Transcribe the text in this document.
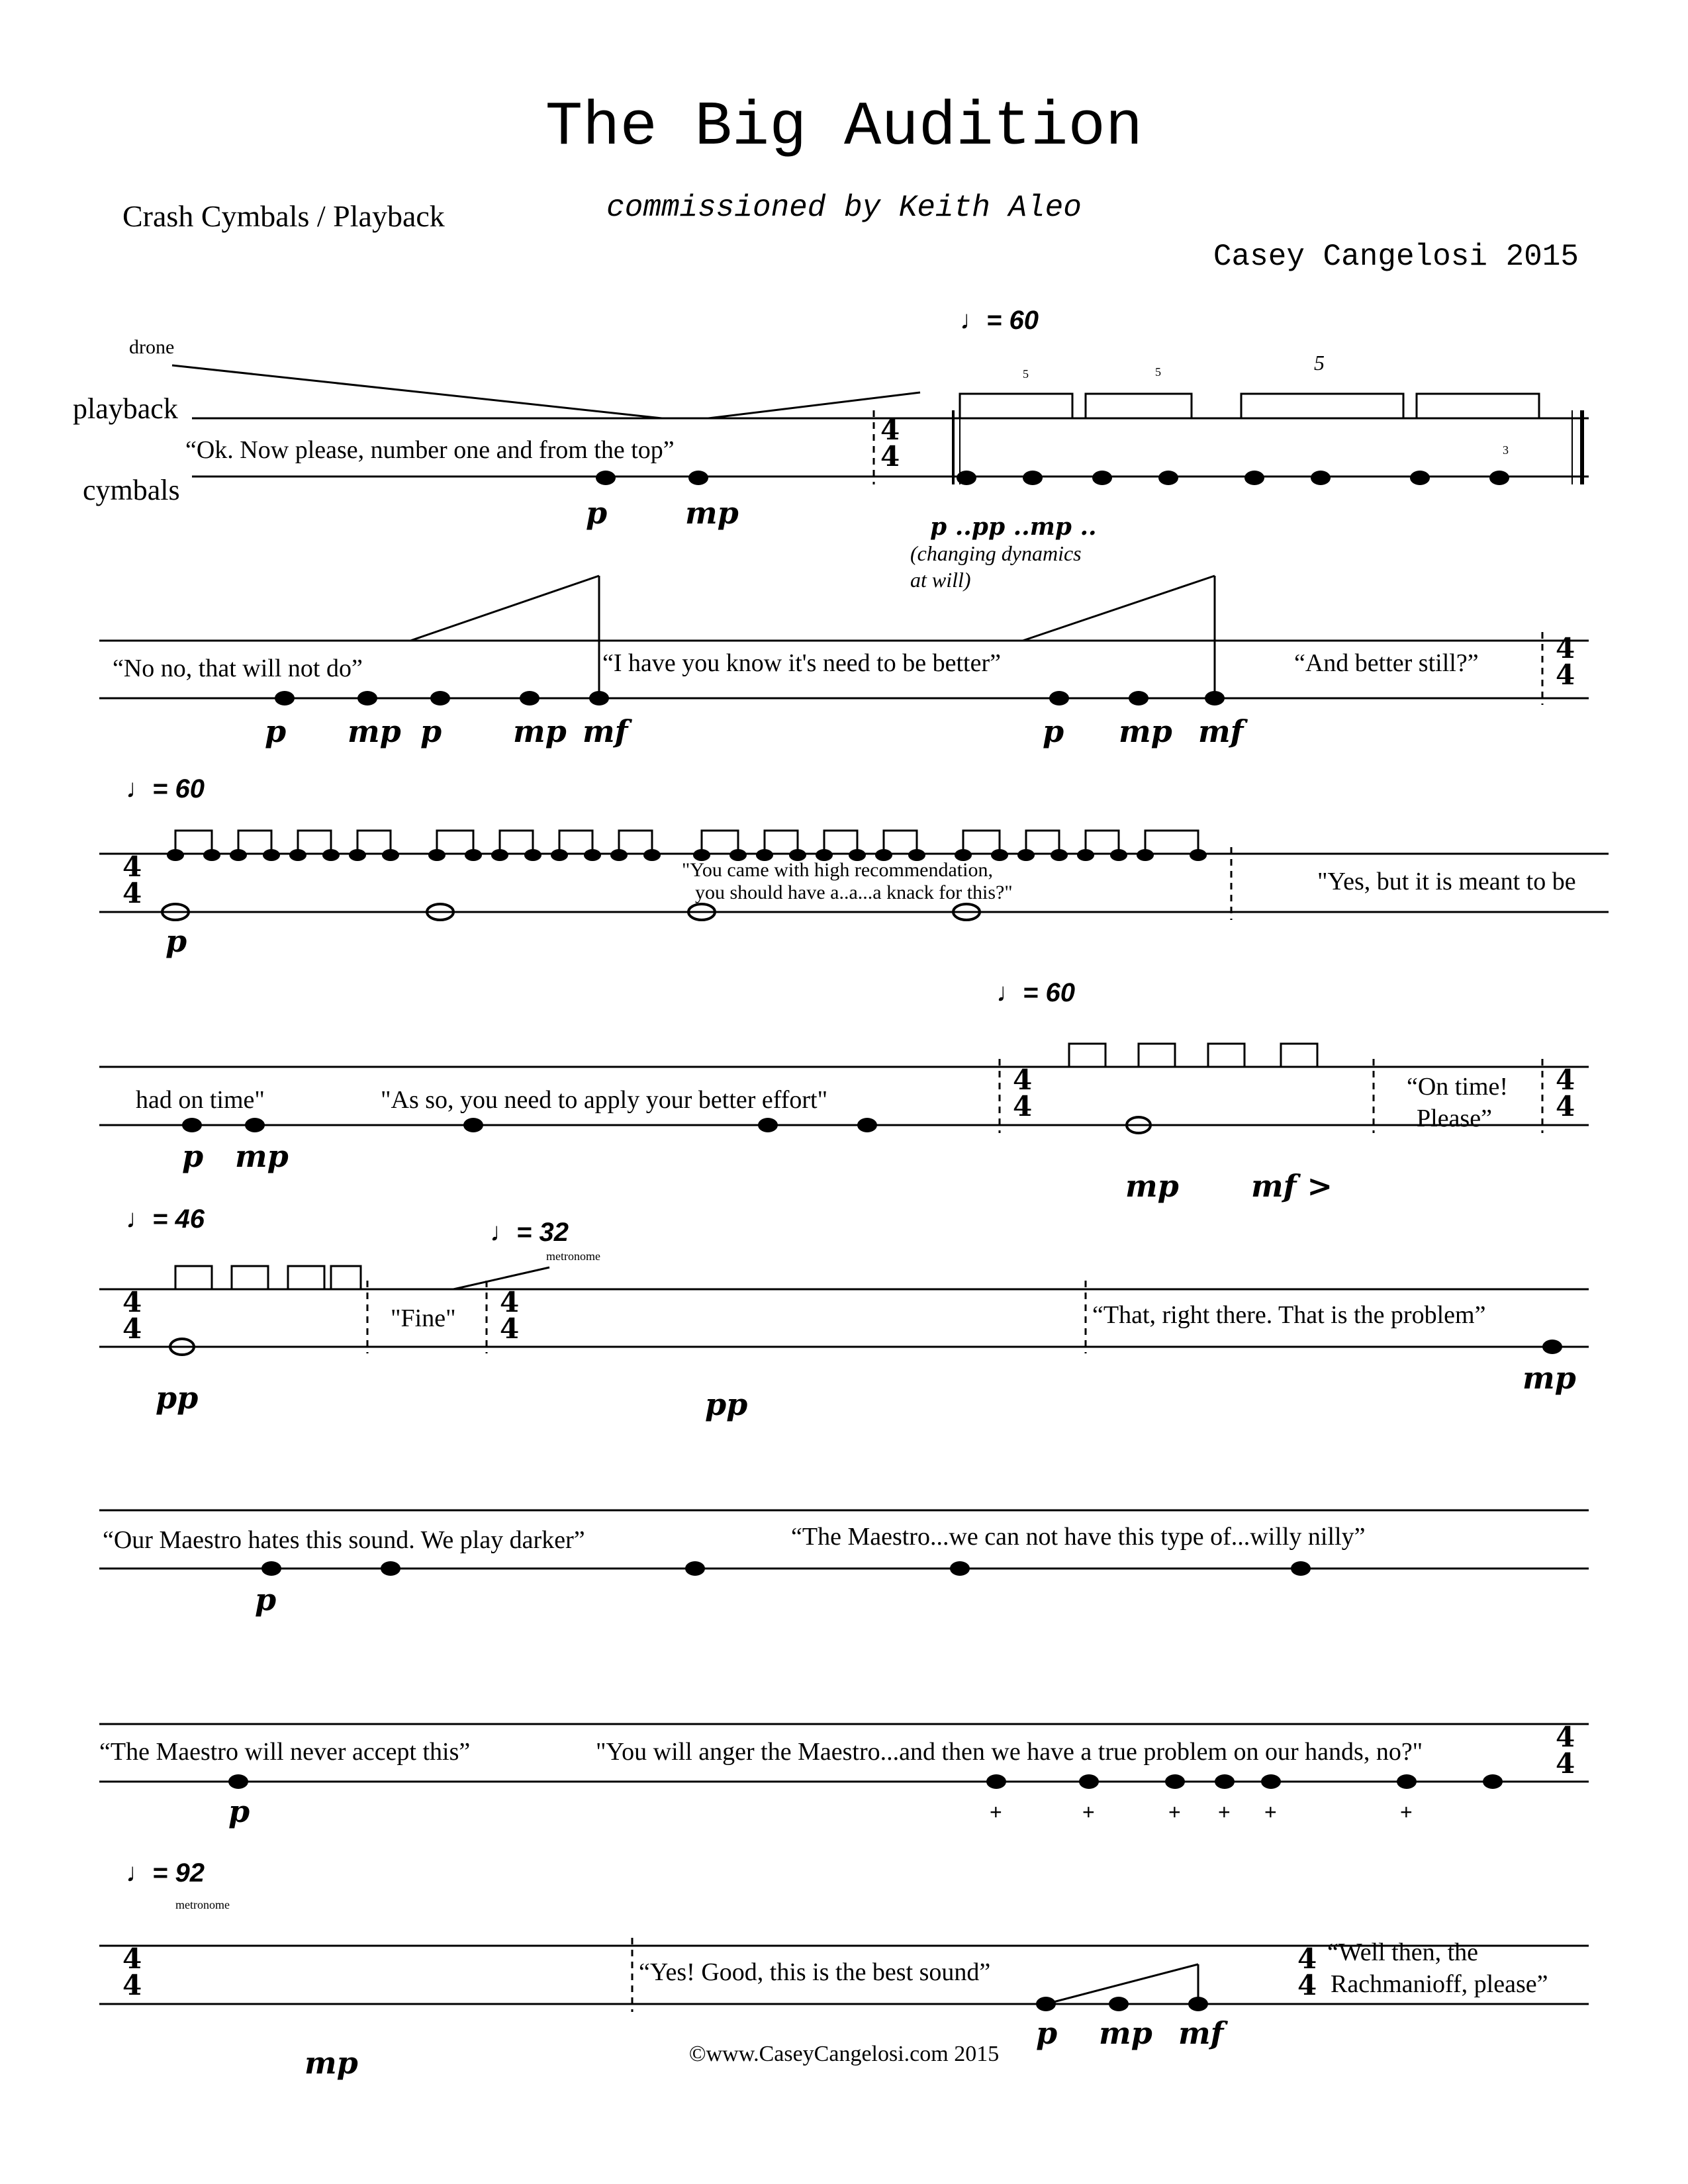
The Big Audition
commissioned by Keith Aleo
Casey Cangelosi 2015
Crash Cymbals / Playback
drone
playback
cymbals
♩= 60
♩= 60
♩= 60
♩= 46	♩= 32
♩= 92
metronome
metronome
4
4
4
4
4
4
4
4
4
4
4
4
4
4
4
4
4
4
4
4
5	5	5
3
“Ok. Now please, number one and from the top”
“No no, that will not do”	“I have you know it's need to be better”	“And better still?”
"You came with high recommendation,
you should have a..a...a knack for this?"	"Yes, but it is meant to be
had on time"	"As so, you need to apply your better effort"	“On time!
Please”
"Fine"	“That, right there. That is the problem”
“Our Maestro hates this sound. We play darker”	“The Maestro...we can not have this type of...willy nilly”
“The Maestro will never accept this”	"You will anger the Maestro...and then we have a true problem on our hands, no?"
“Yes! Good, this is the best sound”
“Well then, the
Rachmanioff, please”
p	mp	p ..pp ..mp ..
(changing dynamics
at will)
p mp p mp mf	p mp mf
p
p mp
mp mf >
pp	pp
mp
p
p
mp
p mp mf
+	+	+ + +	+
©www.CaseyCangelosi.com 2015
